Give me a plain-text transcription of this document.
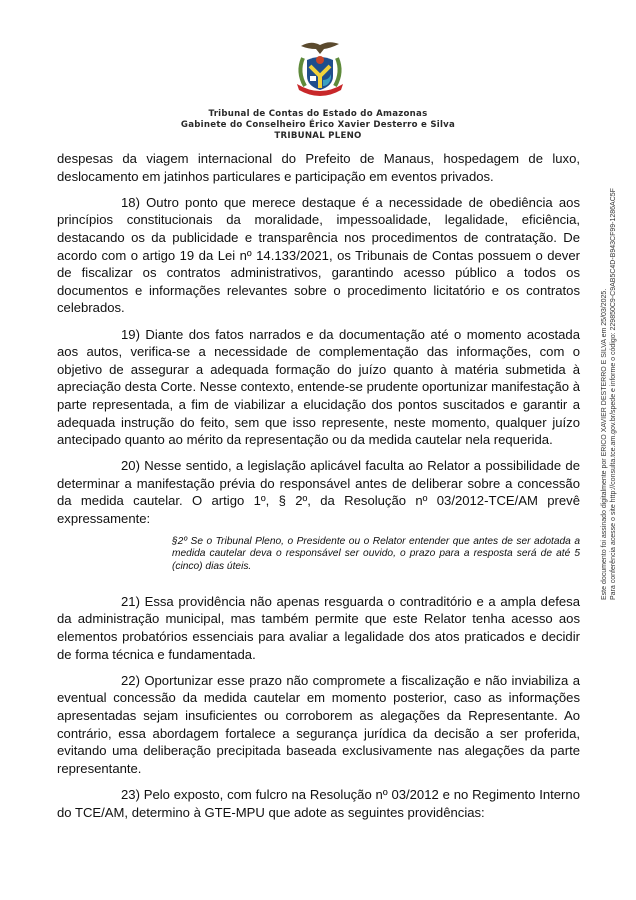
Tribunal de Contas do Estado do Amazonas
Gabinete do Conselheiro Érico Xavier Desterro e Silva
TRIBUNAL PLENO

despesas da viagem internacional do Prefeito de Manaus, hospedagem de luxo, deslocamento em jatinhos particulares e participação em eventos privados.

18) Outro ponto que merece destaque é a necessidade de obediência aos princípios constitucionais da moralidade, impessoalidade, legalidade, eficiência, destacando os da publicidade e transparência nos procedimentos de contratação. De acordo com o artigo 19 da Lei nº 14.133/2021, os Tribunais de Contas possuem o dever de fiscalizar os contratos administrativos, garantindo acesso público a todos os documentos e informações relevantes sobre o procedimento licitatório e os contratos celebrados.

19) Diante dos fatos narrados e da documentação até o momento acostada aos autos, verifica-se a necessidade de complementação das informações, com o objetivo de assegurar a adequada formação do juízo quanto à matéria submetida à apreciação desta Corte. Nesse contexto, entende-se prudente oportunizar manifestação à parte representada, a fim de viabilizar a elucidação dos pontos suscitados e garantir a adequada instrução do feito, sem que isso represente, neste momento, qualquer juízo antecipado quanto ao mérito da representação ou da medida cautelar nela requerida.

20) Nesse sentido, a legislação aplicável faculta ao Relator a possibilidade de determinar a manifestação prévia do responsável antes de deliberar sobre a concessão da medida cautelar. O artigo 1º, § 2º, da Resolução nº 03/2012-TCE/AM prevê expressamente:

§2º Se o Tribunal Pleno, o Presidente ou o Relator entender que antes de ser adotada a medida cautelar deva o responsável ser ouvido, o prazo para a resposta será de até 5 (cinco) dias úteis.

21) Essa providência não apenas resguarda o contraditório e a ampla defesa da administração municipal, mas também permite que este Relator tenha acesso aos elementos probatórios essenciais para avaliar a legalidade dos atos praticados e decidir de forma técnica e fundamentada.

22) Oportunizar esse prazo não compromete a fiscalização e não inviabiliza a eventual concessão da medida cautelar em momento posterior, caso as informações apresentadas sejam insuficientes ou corroborem as alegações da Representante. Ao contrário, essa abordagem fortalece a segurança jurídica da decisão a ser proferida, evitando uma deliberação precipitada baseada exclusivamente nas alegações da parte representante.

23) Pelo exposto, com fulcro na Resolução nº 03/2012 e no Regimento Interno do TCE/AM, determino à GTE-MPU que adote as seguintes providências:

Este documento foi assinado digitalmente por ERICO XAVIER DESTERRO E SILVA em 25/03/2025. Para conferência acesse o site http://consulta.tce.am.gov.br/spede e informe o código: 229850C9-C9AB5C4D-B943CF99-1286AC5F
